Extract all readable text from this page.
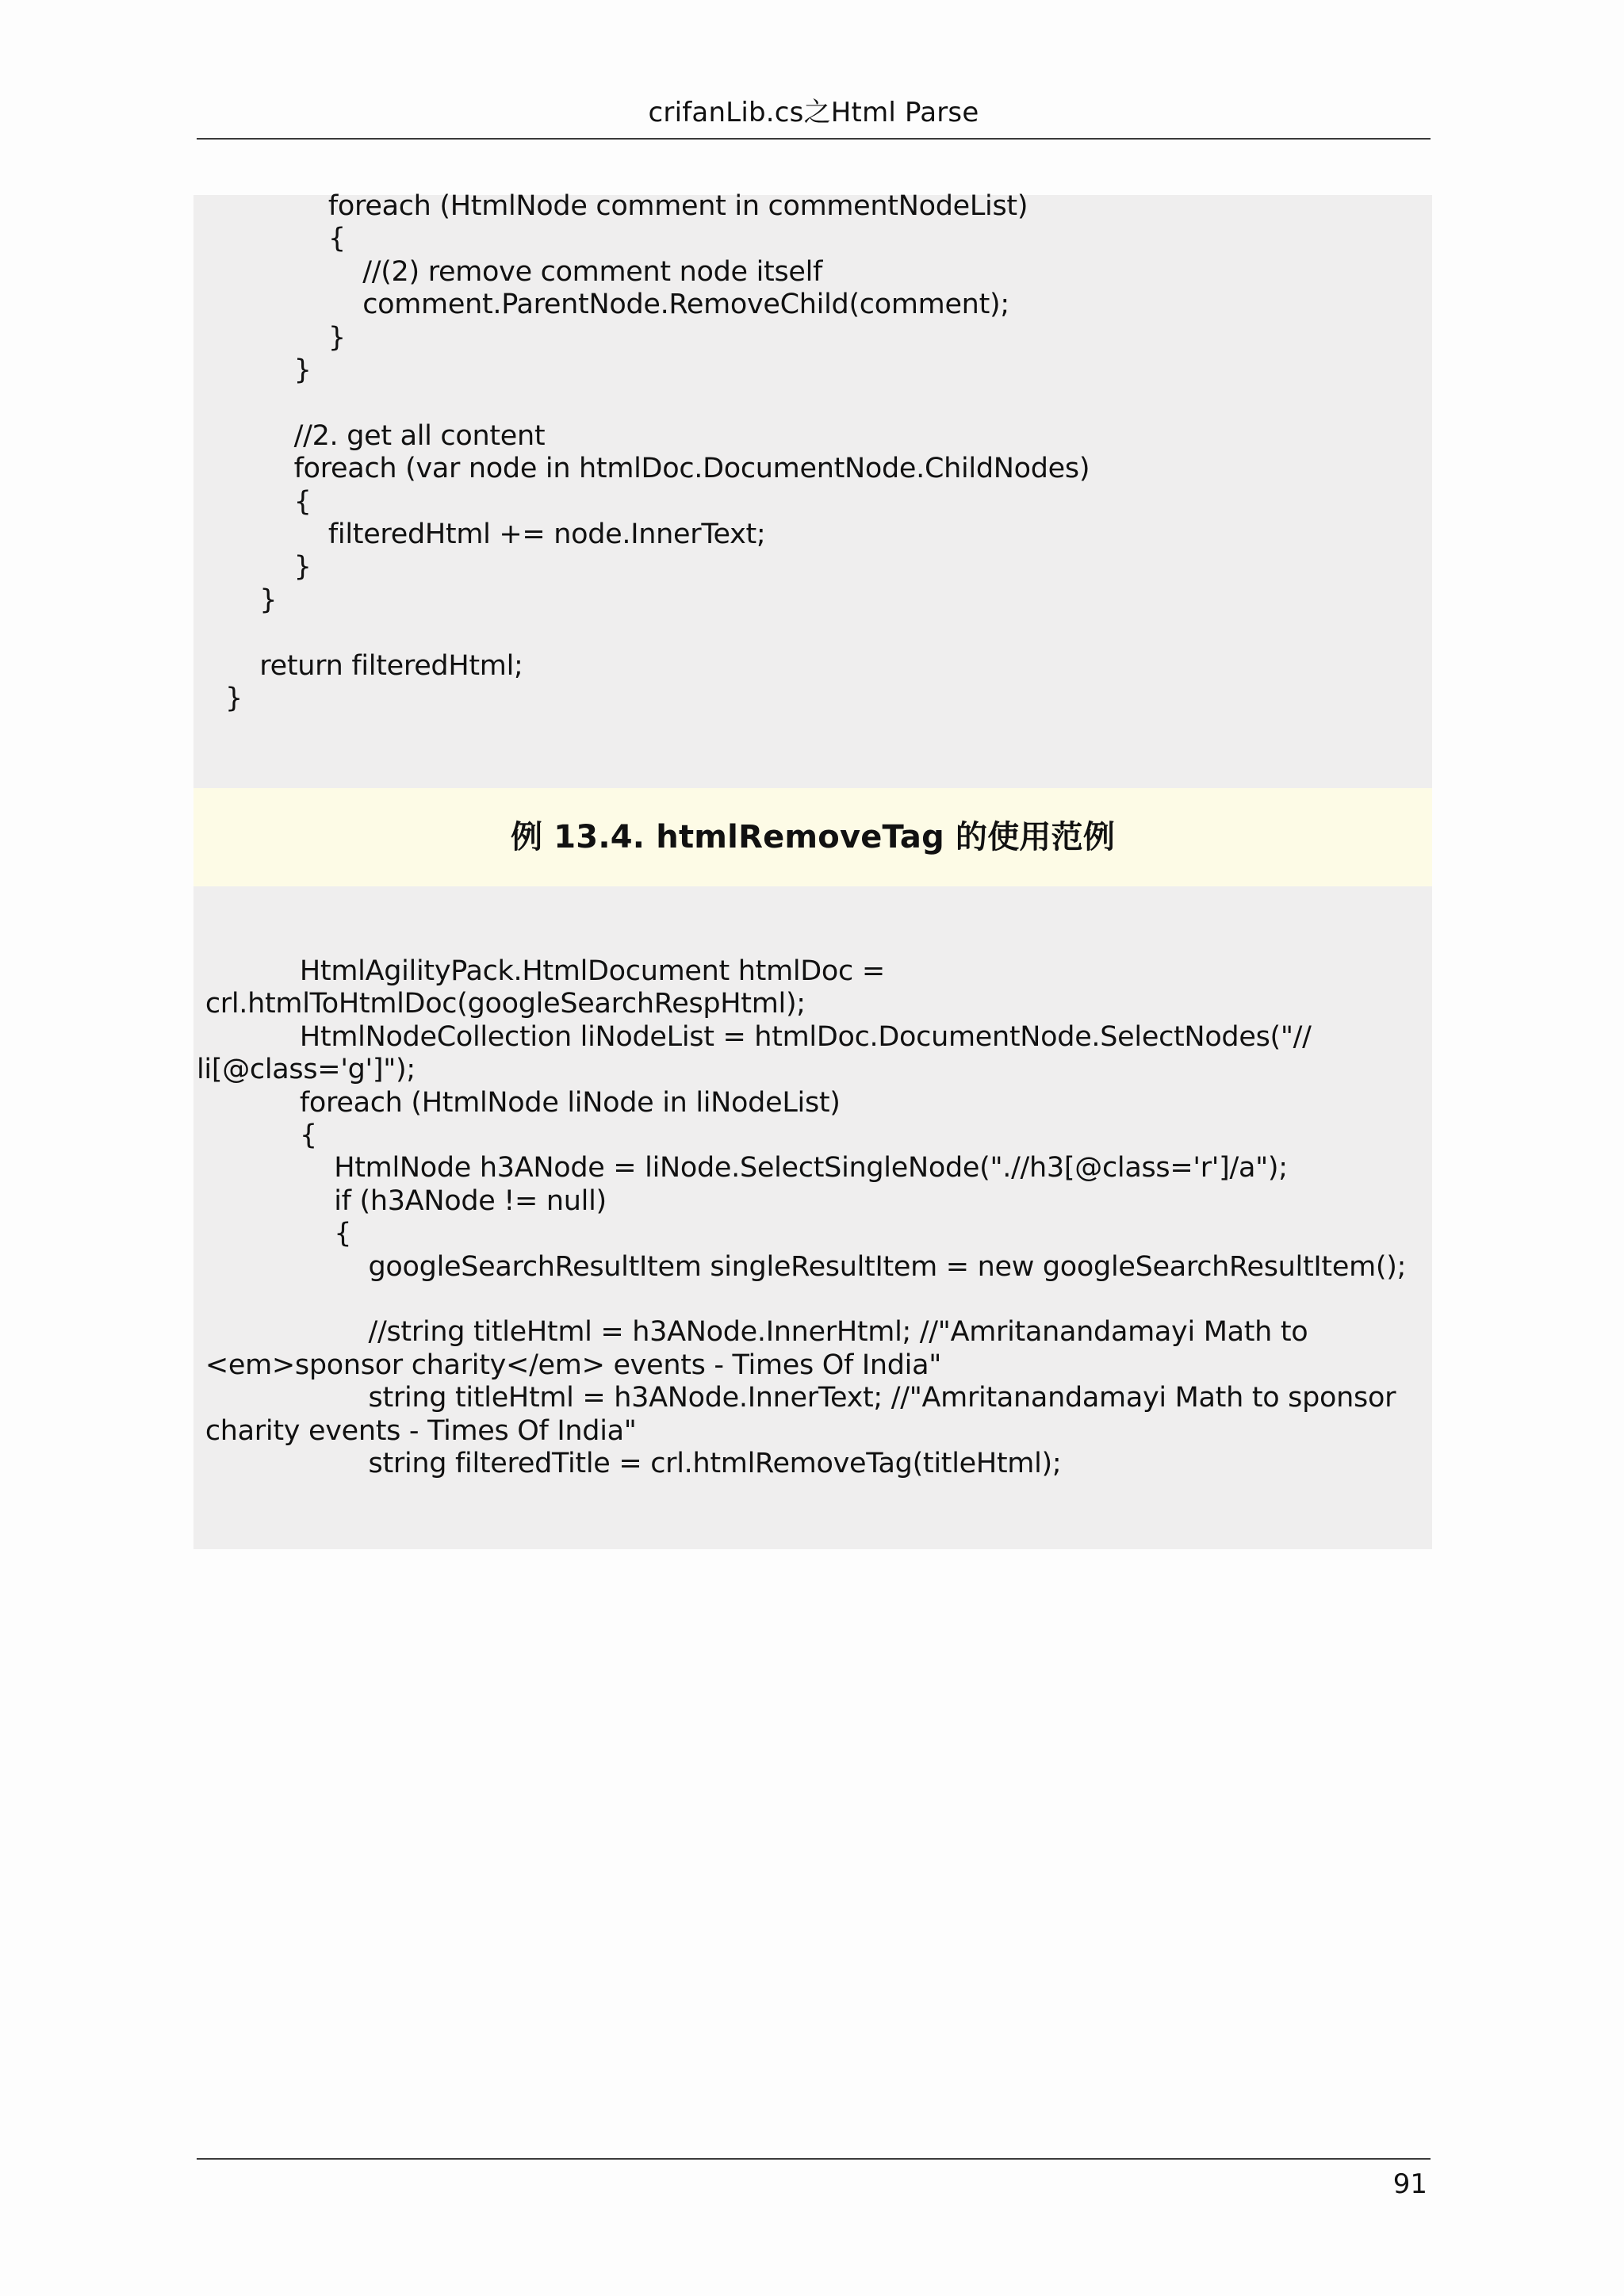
crifanLib.cs之Html Parse
foreach (HtmlNode comment in commentNodeList)
{
//(2) remove comment node itself
comment.ParentNode.RemoveChild(comment);
}
}

//2. get all content
foreach (var node in htmlDoc.DocumentNode.ChildNodes)
{
filteredHtml += node.InnerText;
}
}

return filteredHtml;
}
例 13.4. htmlRemoveTag 的使用范例
HtmlAgilityPack.HtmlDocument htmlDoc =
crl.htmlToHtmlDoc(googleSearchRespHtml);
HtmlNodeCollection liNodeList = htmlDoc.DocumentNode.SelectNodes("//
li[@class='g']");
foreach (HtmlNode liNode in liNodeList)
{
HtmlNode h3ANode = liNode.SelectSingleNode(".//h3[@class='r']/a");
if (h3ANode != null)
{
googleSearchResultItem singleResultItem = new googleSearchResultItem();

//string titleHtml = h3ANode.InnerHtml; //"Amritanandamayi Math to
<em>sponsor charity</em> events - Times Of India"
string titleHtml = h3ANode.InnerText; //"Amritanandamayi Math to sponsor
charity events - Times Of India"
string filteredTitle = crl.htmlRemoveTag(titleHtml);
91
